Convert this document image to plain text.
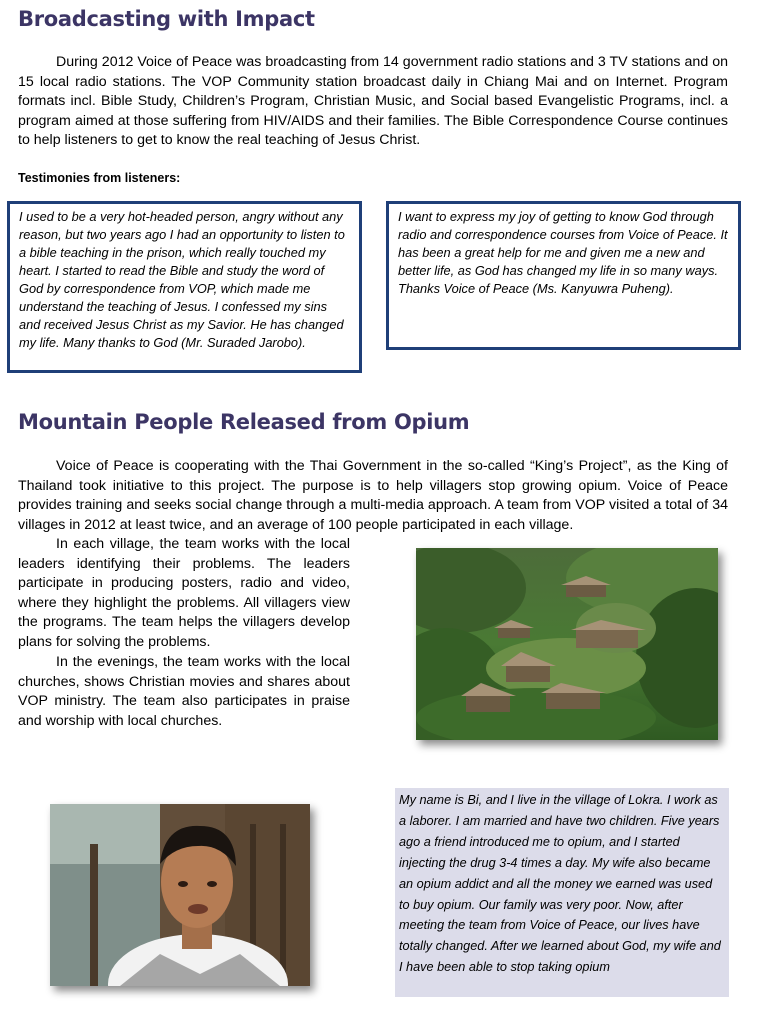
Broadcasting with Impact

During 2012 Voice of Peace was broadcasting from 14 government radio stations and 3 TV stations and on 15 local radio stations. The VOP Community station broadcast daily in Chiang Mai and on Internet. Program formats incl. Bible Study, Children’s Program, Christian Music, and Social based Evangelistic Programs, incl. a program aimed at those suffering from HIV/AIDS and their families. The Bible Correspondence Course continues to help listeners to get to know the real teaching of Jesus Christ.

Testimonies from listeners:
I used to be a very hot-headed person, angry without any reason, but two years ago I had an opportunity to listen to a bible teaching in the prison, which really touched my heart. I started to read the Bible and study the word of God by correspondence from VOP, which made me understand the teaching of Jesus. I confessed my sins and received Jesus Christ as my Savior. He has changed my life. Many thanks to God (Mr. Suraded Jarobo).
I want to express my joy of getting to know God through radio and correspondence courses from Voice of Peace. It has been a great help for me and given me a new and better life, as God has changed my life in so many ways. Thanks Voice of Peace (Ms. Kanyuwra Puheng).
Mountain People Released from Opium

Voice of Peace is cooperating with the Thai Government in the so-called “King’s Project”, as the King of Thailand took initiative to this project. The purpose is to help villagers stop growing opium. Voice of Peace provides training and seeks social change through a multi-media approach. A team from VOP visited a total of 34 villages in 2012 at least twice, and an average of 100 people participated in each village.

In each village, the team works with the local leaders identifying their problems. The leaders participate in producing posters, radio and video, where they highlight the problems. All villagers view the programs. The team helps the villagers develop plans for solving the problems.

In the evenings, the team works with the local churches, shows Christian movies and shares about VOP ministry. The team also participates in praise and worship with local churches.

My name is Bi, and I live in the village of Lokra. I work as a laborer. I am married and have two children. Five years ago a friend introduced me to opium, and I started injecting the drug 3-4 times a day. My wife also became an opium addict and all the money we earned was used to buy opium. Our family was very poor. Now, after meeting the team from Voice of Peace, our lives have totally changed. After we learned about God, my wife and I have been able to stop taking opium
